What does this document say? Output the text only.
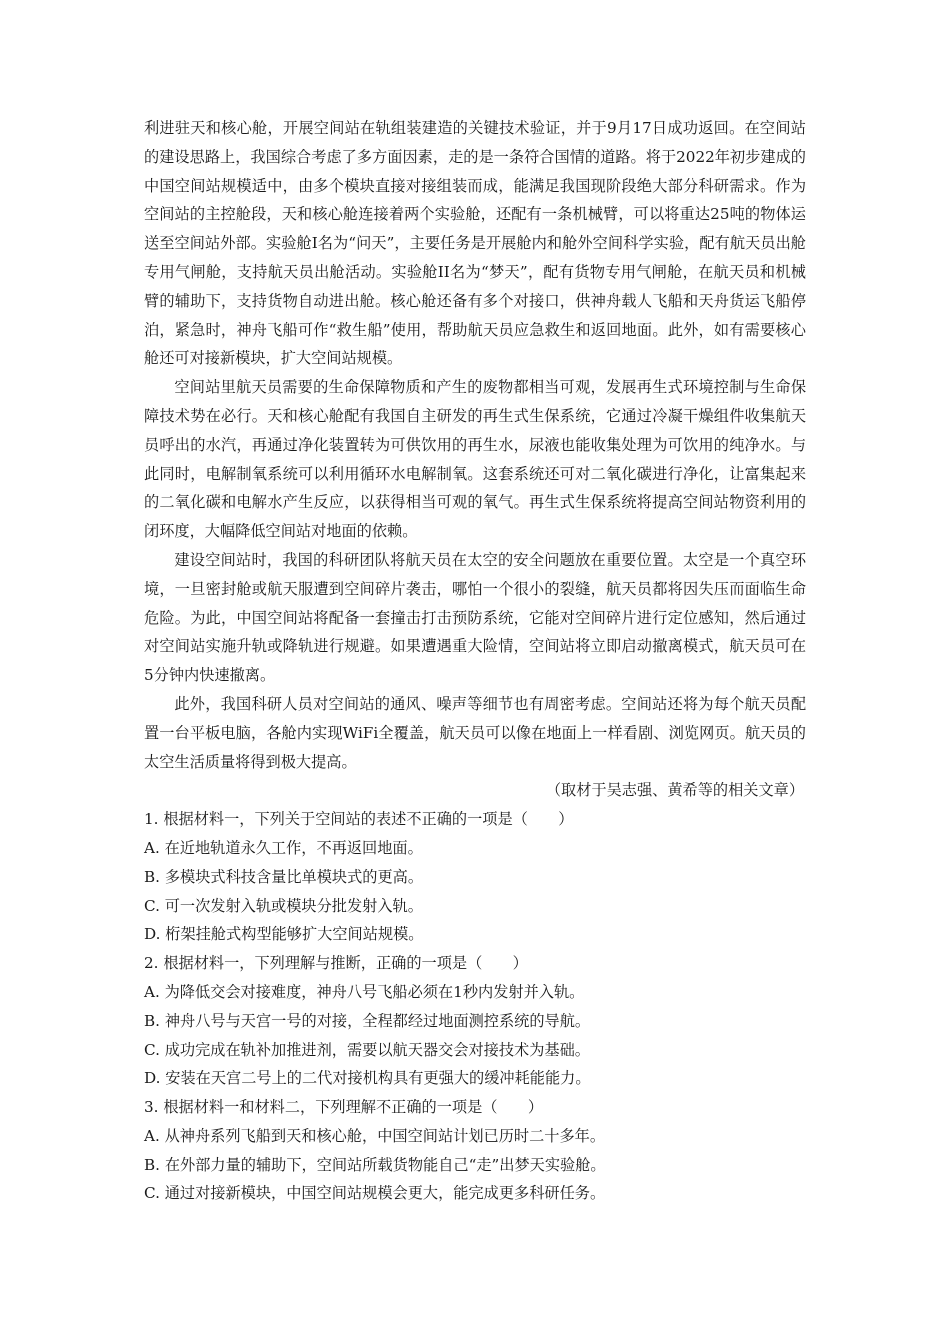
利进驻天和核心舱，开展空间站在轨组装建造的关键技术验证，并于9月17日成功返回。在空间站的建设思路上，我国综合考虑了多方面因素，走的是一条符合国情的道路。将于2022年初步建成的中国空间站规模适中，由多个模块直接对接组装而成，能满足我国现阶段绝大部分科研需求。作为空间站的主控舱段，天和核心舱连接着两个实验舱，还配有一条机械臂，可以将重达25吨的物体运送至空间站外部。实验舱I名为“问天”，主要任务是开展舱内和舱外空间科学实验，配有航天员出舱专用气闸舱，支持航天员出舱活动。实验舱II名为“梦天”，配有货物专用气闸舱，在航天员和机械臂的辅助下，支持货物自动进出舱。核心舱还备有多个对接口，供神舟载人飞船和天舟货运飞船停泊，紧急时，神舟飞船可作“救生船”使用，帮助航天员应急救生和返回地面。此外，如有需要核心舱还可对接新模块，扩大空间站规模。

空间站里航天员需要的生命保障物质和产生的废物都相当可观，发展再生式环境控制与生命保障技术势在必行。天和核心舱配有我国自主研发的再生式生保系统，它通过冷凝干燥组件收集航天员呼出的水汽，再通过净化装置转为可供饮用的再生水，尿液也能收集处理为可饮用的纯净水。与此同时，电解制氧系统可以利用循环水电解制氧。这套系统还可对二氧化碳进行净化，让富集起来的二氧化碳和电解水产生反应，以获得相当可观的氧气。再生式生保系统将提高空间站物资利用的闭环度，大幅降低空间站对地面的依赖。

建设空间站时，我国的科研团队将航天员在太空的安全问题放在重要位置。太空是一个真空环境，一旦密封舱或航天服遭到空间碎片袭击，哪怕一个很小的裂缝，航天员都将因失压而面临生命危险。为此，中国空间站将配备一套撞击打击预防系统，它能对空间碎片进行定位感知，然后通过对空间站实施升轨或降轨进行规避。如果遭遇重大险情，空间站将立即启动撤离模式，航天员可在5分钟内快速撤离。

此外，我国科研人员对空间站的通风、噪声等细节也有周密考虑。空间站还将为每个航天员配置一台平板电脑，各舱内实现WiFi全覆盖，航天员可以像在地面上一样看剧、浏览网页。航天员的太空生活质量将得到极大提高。

（取材于吴志强、黄希等的相关文章）

1. 根据材料一，下列关于空间站的表述不正确的一项是（　　）

A. 在近地轨道永久工作，不再返回地面。

B. 多模块式科技含量比单模块式的更高。

C. 可一次发射入轨或模块分批发射入轨。

D. 桁架挂舱式构型能够扩大空间站规模。

2. 根据材料一，下列理解与推断，正确的一项是（　　）

A. 为降低交会对接难度，神舟八号飞船必须在1秒内发射并入轨。

B. 神舟八号与天宫一号的对接，全程都经过地面测控系统的导航。

C. 成功完成在轨补加推进剂，需要以航天器交会对接技术为基础。

D. 安装在天宫二号上的二代对接机构具有更强大的缓冲耗能能力。

3. 根据材料一和材料二，下列理解不正确的一项是（　　）

A. 从神舟系列飞船到天和核心舱，中国空间站计划已历时二十多年。

B. 在外部力量的辅助下，空间站所载货物能自己“走”出梦天实验舱。

C. 通过对接新模块，中国空间站规模会更大，能完成更多科研任务。
